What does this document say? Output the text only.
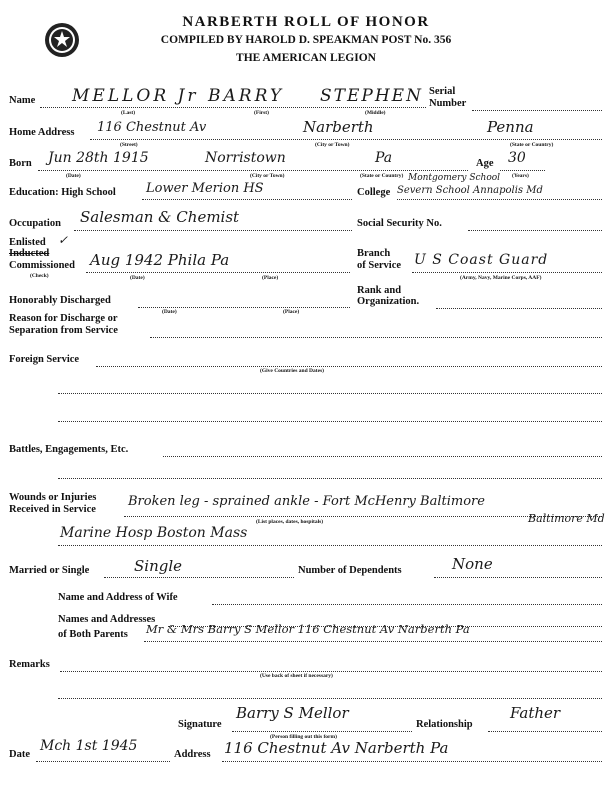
NARBERTH ROLL OF HONOR
COMPILED BY HAROLD D. SPEAKMAN POST No. 356
THE AMERICAN LEGION
Name MELLOR Jr BARRY STEPHEN
(Last)	(First)	(Middle)
Serial
Number
Home Address 116 Chestnut Av	Narberth	Penna
(Street)	(City or Town)	(State or Country)
Born Jun 28th 1915	Norristown	Pa
(Date)	(City or Town)	(State or Country)
Age 30
(Years)
Education: High School Lower Merion HS	College
Montgomery School
Severn School Annapolis Md
Occupation Salesman & Chemist	Social Security No.
Enlisted ✓
Inducted
Commissioned Aug 1942 Phila Pa
(Check)	(Date)	(Place)
Branch
of Service U S Coast Guard
(Army, Navy, Marine Corps, AAF)
Rank and
Organization.
Honorably Discharged
(Date)	(Place)
Reason for Discharge or
Separation from Service
Foreign Service
(Give Countries and Dates)
Battles, Engagements, Etc.
Wounds or Injuries
Received in Service
Broken leg - sprained ankle - Fort McHenry Baltimore
Baltimore Md
(List places, dates, hospitals)
Marine Hosp Boston Mass
Married or Single	Single	Number of Dependents	None
Name and Address of Wife
Names and Addresses
of Both Parents Mr & Mrs Barry S Mellor 116 Chestnut Av Narberth Pa
Remarks
(Use back of sheet if necessary)
Signature
Barry S Mellor
(Person filling out this form)
Relationship
Father
Date
Mch 1st 1945
Address 116 Chestnut Av Narberth Pa
